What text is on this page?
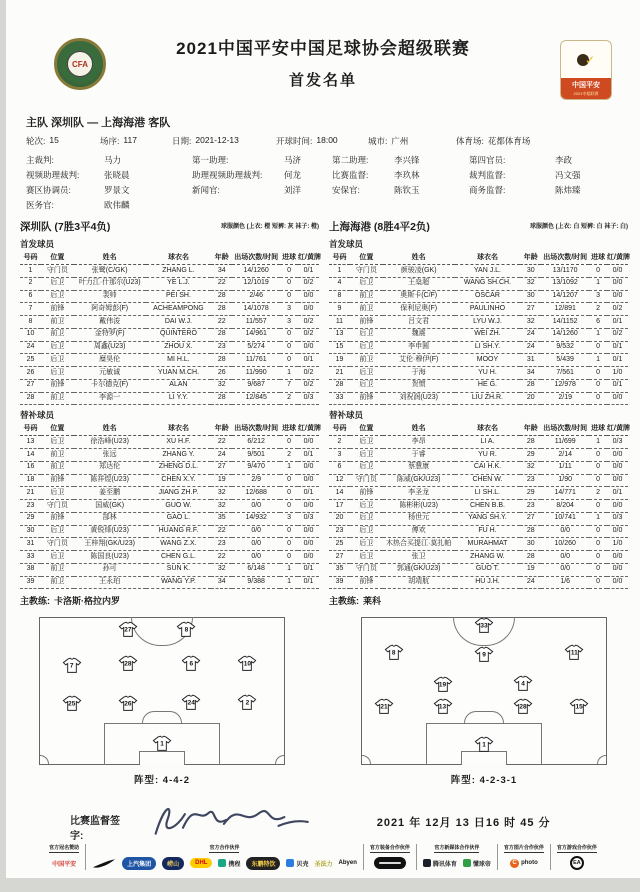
CFA
2021中国平安中国足球协会超级联赛
首发名单
✓
中国平安
2021中超联赛
主队 深圳队 — 上海海港 客队
轮次: 15	场序: 117	日期: 2021-12-13	开球时间: 18:00	城市: 广州	体育场: 花都体育场
主裁判:	马力	第一助理:	马济	第二助理:	李兴锋	第四官员:	李政
视频助理裁判:	张晓晨	助理视频助理裁判:	何龙	比赛监督:	李玖林	裁判监督:	冯文强
赛区协调员:	罗景文	新闻官:	刘洋	安保官:	陈钦玉	商务监督:	陈炜臻
医务官:	欧伟麟
深圳队 (7胜3平4负)	球服颜色 (上衣: 橙 短裤: 灰 袜子: 橙)
首发球员
号码	位置	姓名	球衣名	年龄	出场次数/时间	进球	红/黄牌
1	守门员	张鹭(C/GK)	ZHANG L.	34	14/1260	0	0/1
2	后卫	叶力江·什那尔(U23)	YE L.J.	22	12/1019	0	0/2
6	后卫	裴帅	PEI SH.	28	2/46	0	0/0
7	前锋	阿奇姆彭(F)	ACHEAMPONG	28	14/1078	3	0/0
8	前卫	戴伟浚	DAI W.J.	22	11/557	3	0/2
10	前卫	金特罗(F)	QUINTERO	28	14/961	0	0/2
24	后卫	周鑫(U23)	ZHOU X.	23	5/274	0	0/0
25	后卫	糜昊伦	MI H.L.	28	11/761	0	0/1
26	后卫	元敏诚	YUAN M.CH.	26	11/990	1	0/2
27	前锋	卡尔德克(F)	ALAN	32	9/687	7	0/2
28	前卫	李源一	LI Y.Y.	28	12/845	2	0/3
替补球员
号码	位置	姓名	球衣名	年龄	出场次数/时间	进球	红/黄牌
13	后卫	徐浩峰(U23)	XU H.F.	22	6/212	0	0/0
14	前卫	张远	ZHANG Y.	24	9/501	2	0/1
16	前卫	郑达伦	ZHENG D.L.	27	9/470	1	0/0
18	前锋	陈祥煜(U23)	CHEN X.Y.	19	2/9	0	0/0
21	后卫	姜至鹏	JIANG ZH.P.	32	12/688	0	0/1
23	守门员	国威(GK)	GUO W.	32	0/0	0	0/0
29	前锋	郜林	GAO L.	35	14/932	3	0/3
30	后卫	黄锐烽(U23)	HUANG R.F.	22	0/0	0	0/0
31	守门员	王梓翔(GK/U23)	WANG Z.X.	23	0/0	0	0/0
33	后卫	陈国良(U23)	CHEN G.L.	22	0/0	0	0/0
38	前卫	孙可	SUN K.	32	6/148	1	0/1
39	前卫	王永珀	WANG Y.P.	34	9/388	1	0/1
主教练: 卡洛斯·格拉内罗
上海海港 (8胜4平2负)	球服颜色 (上衣: 白 短裤: 白 袜子: 白)
首发球员
号码	位置	姓名	球衣名	年龄	出场次数/时间	进球	红/黄牌
1	守门员	颜骏凌(GK)	YAN J.L.	30	13/1170	0	0/0
4	后卫	王燊超	WANG SH.CH.	32	13/1092	1	0/0
8	前卫	奥斯卡(C/F)	OSCAR	30	14/1207	3	0/0
9	前卫	保利尼奥(F)	PAULINHO	27	12/891	2	0/2
11	前锋	吕文君	LYU W.J.	32	14/1152	6	0/1
13	后卫	魏震	WEI ZH.	24	14/1260	1	0/2
15	后卫	李申圆	LI SH.Y.	24	9/532	0	0/1
19	前卫	艾伦·穆伊(F)	MOOY	31	5/439	1	0/1
21	后卫	于海	YU H.	34	7/561	0	1/0
28	后卫	贺惯	HE G.	28	12/978	0	0/1
33	前锋	刘祝润(U23)	LIU ZH.R.	20	2/19	0	0/0
替补球员
号码	位置	姓名	球衣名	年龄	出场次数/时间	进球	红/黄牌
2	后卫	李昂	LI A.	28	11/699	1	0/3
3	后卫	于睿	YU R.	29	2/14	0	0/0
6	后卫	蔡慧康	CAI H.K.	32	1/11	0	0/0
12	守门员	陈威(GK/U23)	CHEN W.	23	1/90	0	0/0
14	前锋	李圣龙	LI SH.L.	29	14/771	2	0/1
17	后卫	陈彬彬(U23)	CHEN B.B.	23	8/204	0	0/0
20	后卫	杨世元	YANG SH.Y.	27	10/741	1	0/3
23	后卫	傅欢	FU H.	28	0/0	0	0/0
25	后卫	木热合买提江·莫扎帕	MURAHMAT	30	10/260	0	1/0
27	后卫	张卫	ZHANG W.	28	0/0	0	0/0
35	守门员	郭通(GK/U23)	GUO T.	19	0/0	0	0/0
39	前锋	胡靖航	HU J.H.	24	1/6	0	0/0
主教练: 莱科
27	8
7	28	6	10
25	26	24	2
1
阵型: 4-4-2
33
8	9	11
19	4
21	13	28	15
1
阵型: 4-2-3-1
比赛监督签字:
2021 年 12月 13 日16 时 45 分
官方冠名赞助
中国平安
官方合作伙伴
上汽集团	崂山	DHL	携程	东鹏特饮	贝壳 圣法力 Abyen
官方装备合作伙伴	官方新媒体合作伙伴
腾讯体育	懂球帝
官方图片合作伙伴
C photo
官方游戏合作伙伴
EA
